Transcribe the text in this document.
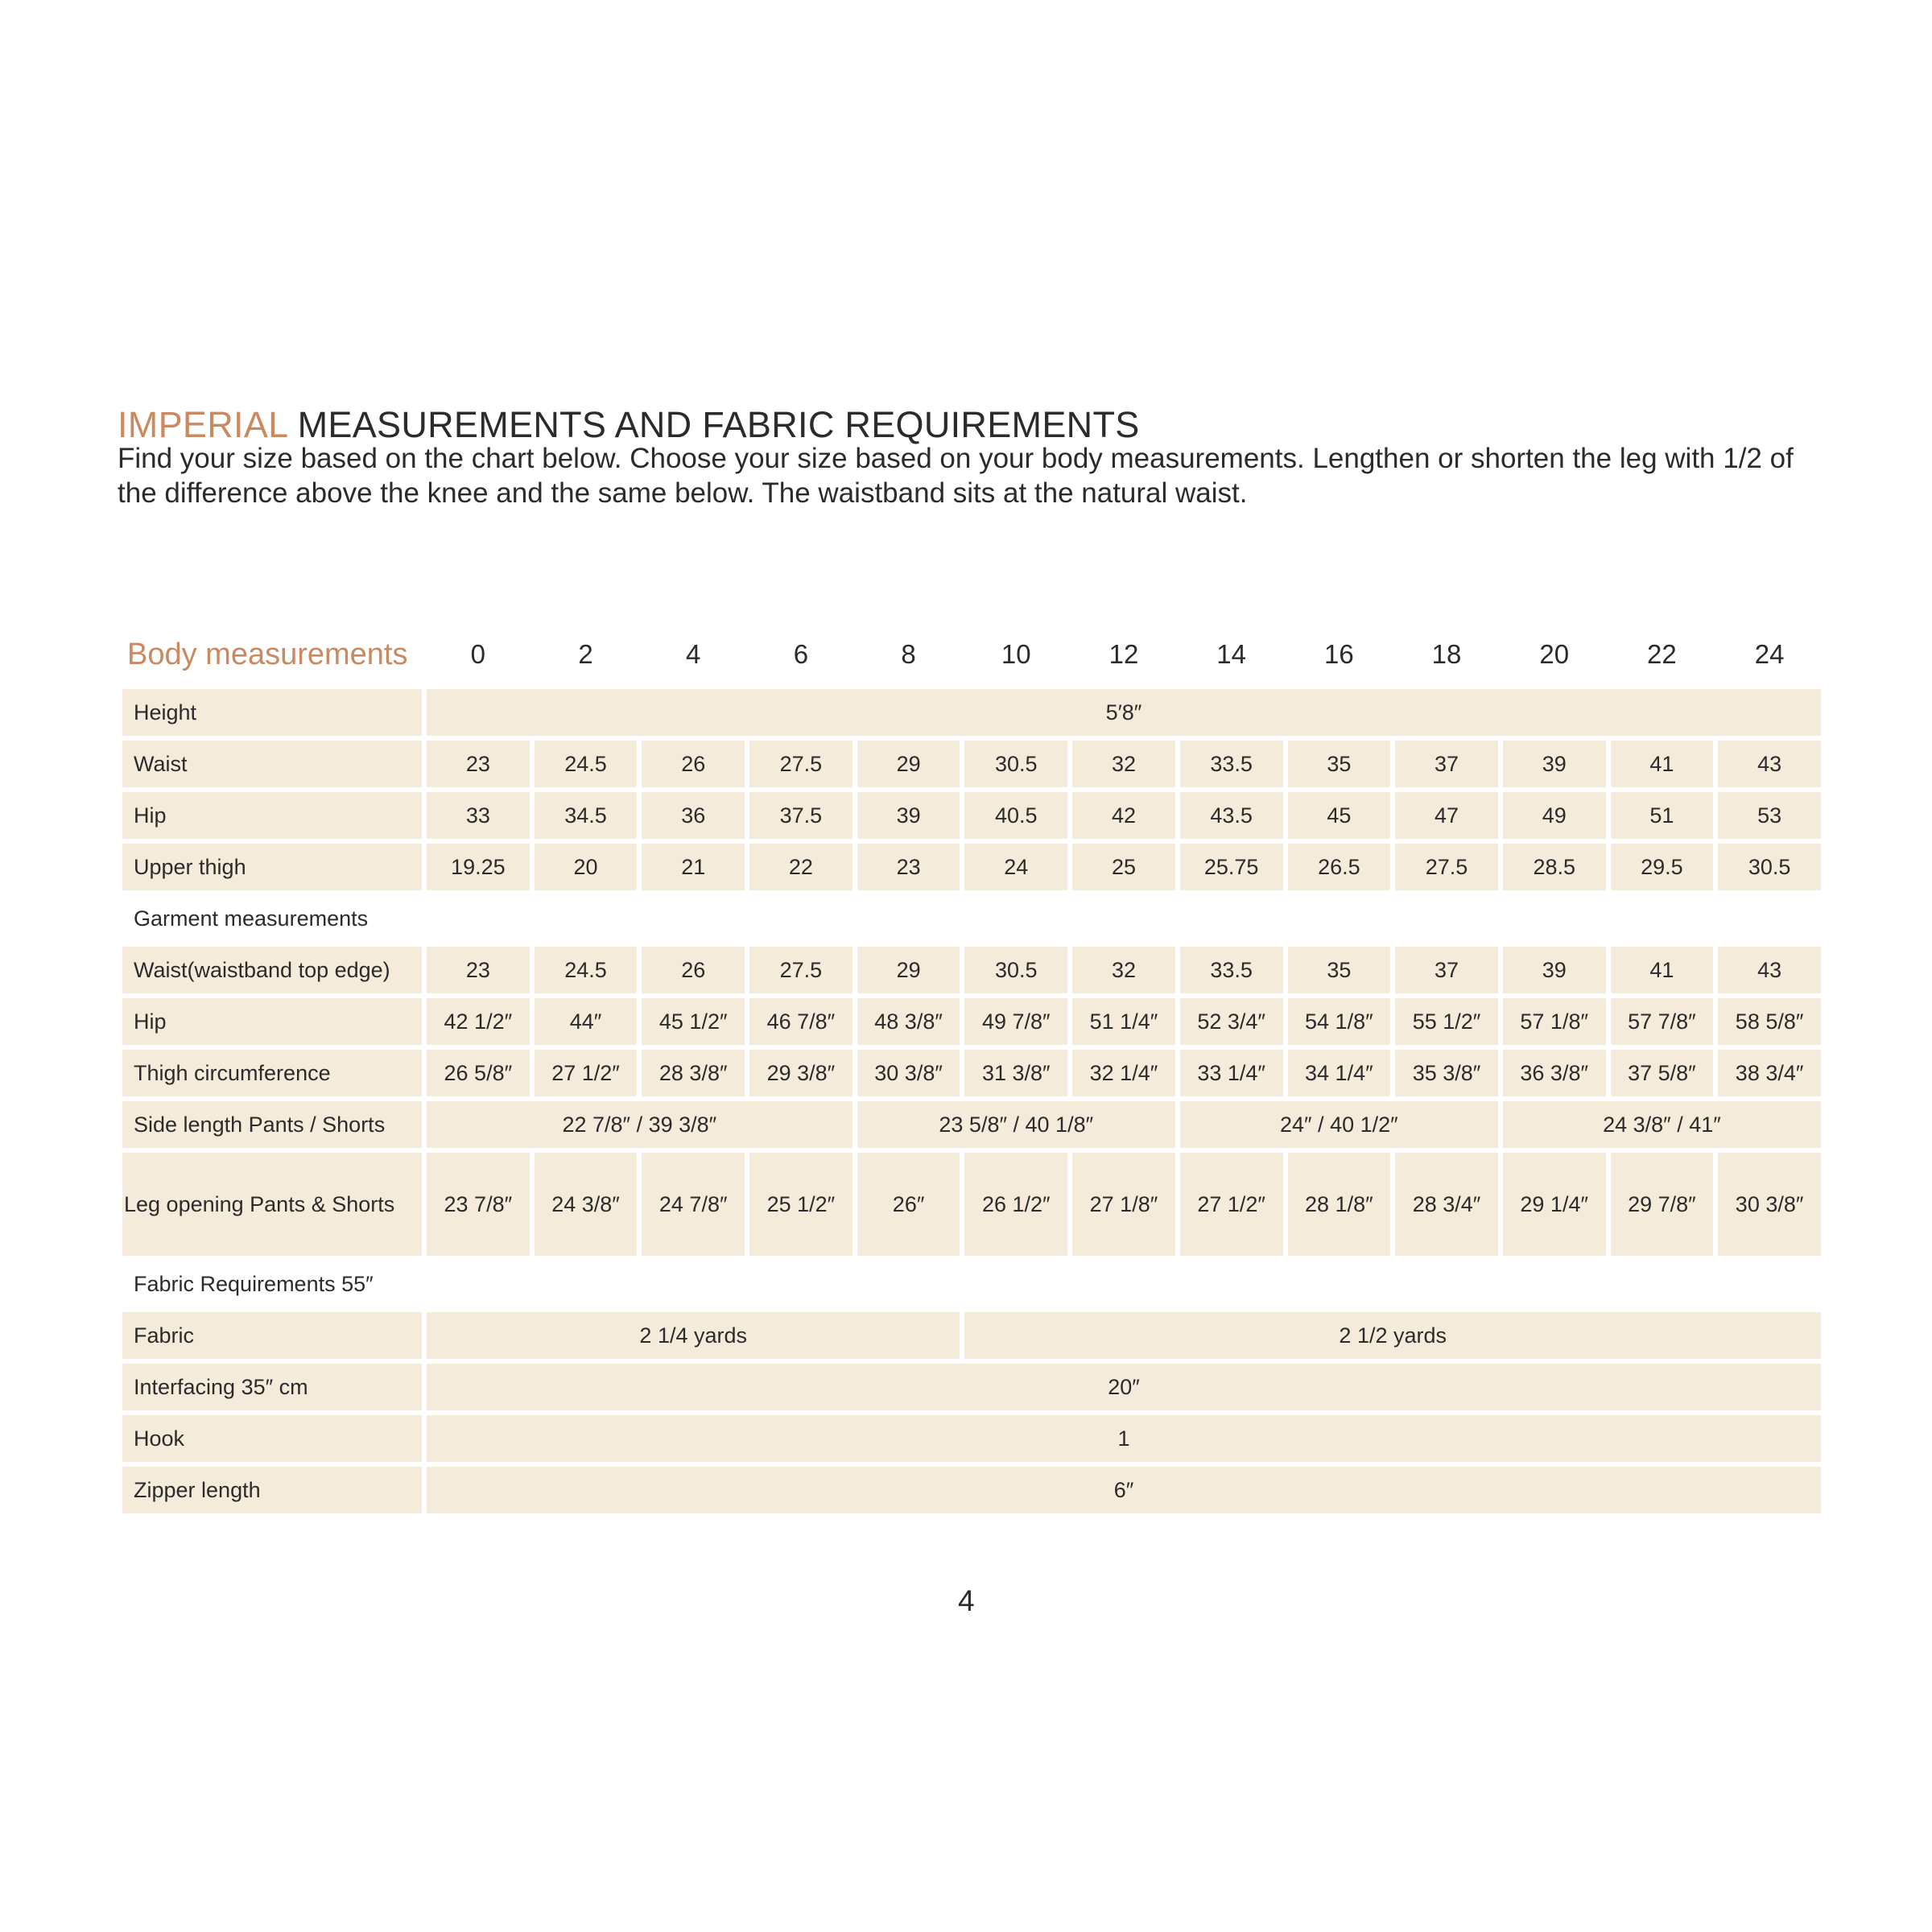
IMPERIAL MEASUREMENTS AND FABRIC REQUIREMENTS

Find your size based on the chart below. Choose your size based on your body measurements. Lengthen or shorten the leg with 1/2 of the difference above the knee and the same below. The waistband sits at the natural waist.

Body measurements	0	2	4	6	8	10	12	14	16	18	20	22	24
Height	5′8″												
Waist	23	24.5	26	27.5	29	30.5	32	33.5	35	37	39	41	43
Hip	33	34.5	36	37.5	39	40.5	42	43.5	45	47	49	51	53
Upper thigh	19.25	20	21	22	23	24	25	25.75	26.5	27.5	28.5	29.5	30.5
Garment measurements													
Waist(waistband top edge)	23	24.5	26	27.5	29	30.5	32	33.5	35	37	39	41	43
Hip	42 1/2″	44″	45 1/2″	46 7/8″	48 3/8″	49 7/8″	51 1/4″	52 3/4″	54 1/8″	55 1/2″	57 1/8″	57 7/8″	58 5/8″
Thigh circumference	26 5/8″	27 1/2″	28 3/8″	29 3/8″	30 3/8″	31 3/8″	32 1/4″	33 1/4″	34 1/4″	35 3/8″	36 3/8″	37 5/8″	38 3/4″
Side length Pants / Shorts	22 7/8″ / 39 3/8″				23 5/8″ / 40 1/8″			24″ / 40 1/2″			24 3/8″ / 41″		
Leg opening Pants & Shorts	23 7/8″	24 3/8″	24 7/8″	25 1/2″	26″	26 1/2″	27 1/8″	27 1/2″	28 1/8″	28 3/4″	29 1/4″	29 7/8″	30 3/8″
Fabric Requirements 55″													
Fabric	2 1/4 yards					2 1/2 yards							
Interfacing 35″ cm	20″												
Hook	1												
Zipper length	6″												
4
